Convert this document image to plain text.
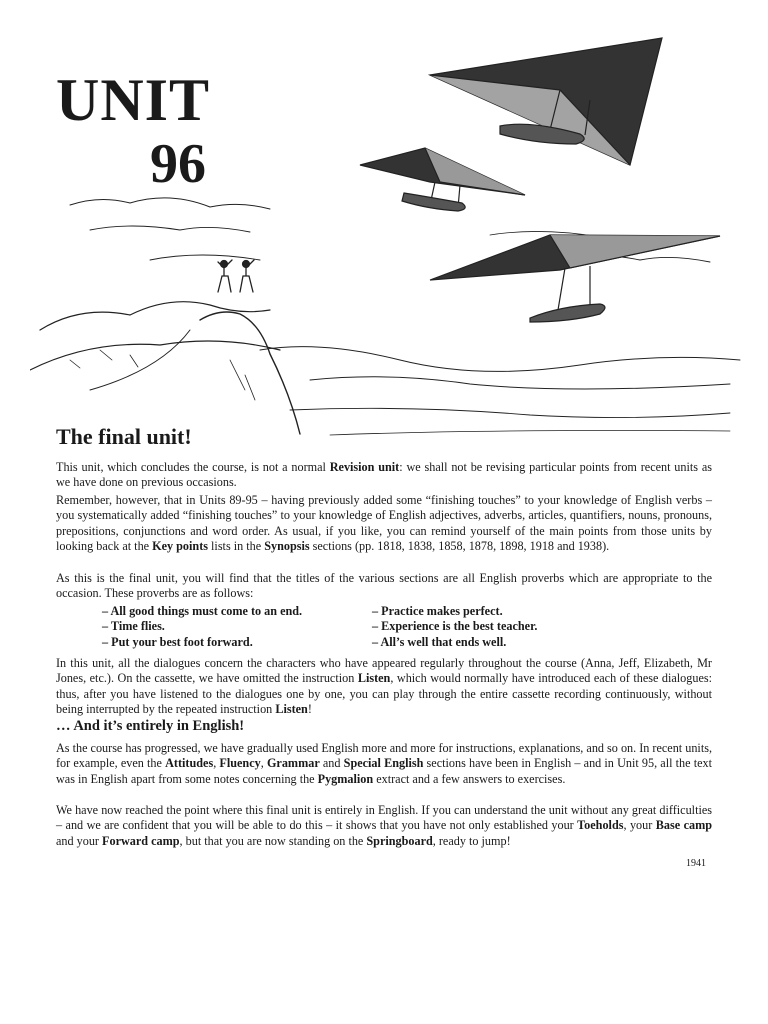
UNIT
96
The final unit!

This unit, which concludes the course, is not a normal Revision unit: we shall not be revising particular points from recent units as we have done on previous occasions.

Remember, however, that in Units 89-95 – having previously added some “finishing touches” to your knowledge of English verbs – you systematically added “finishing touches” to your knowledge of English adjectives, adverbs, articles, quantifiers, nouns, pronouns, prepositions, conjunctions and word order. As usual, if you like, you can remind yourself of the main points from those units by looking back at the Key points lists in the Synopsis sections (pp. 1818, 1838, 1858, 1878, 1898, 1918 and 1938).

As this is the final unit, you will find that the titles of the various sections are all English proverbs which are appropriate to the occasion. These proverbs are as follows:

– All good things must come to an end.
– Time flies.
– Put your best foot forward.
– Practice makes perfect.
– Experience is the best teacher.
– All’s well that ends well.

In this unit, all the dialogues concern the characters who have appeared regularly throughout the course (Anna, Jeff, Elizabeth, Mr Jones, etc.). On the cassette, we have omitted the instruction Listen, which would normally have introduced each of these dialogues: thus, after you have listened to the dialogues one by one, you can play through the entire cassette recording continuously, without being interrupted by the repeated instruction Listen!

… And it’s entirely in English!

As the course has progressed, we have gradually used English more and more for instructions, explanations, and so on. In recent units, for example, even the Attitudes, Fluency, Grammar and Special English sections have been in English – and in Unit 95, all the text was in English apart from some notes concerning the Pygmalion extract and a few answers to exercises.

We have now reached the point where this final unit is entirely in English. If you can understand the unit without any great difficulties – and we are confident that you will be able to do this – it shows that you have not only established your Toeholds, your Base camp and your Forward camp, but that you are now standing on the Springboard, ready to jump!

1941
